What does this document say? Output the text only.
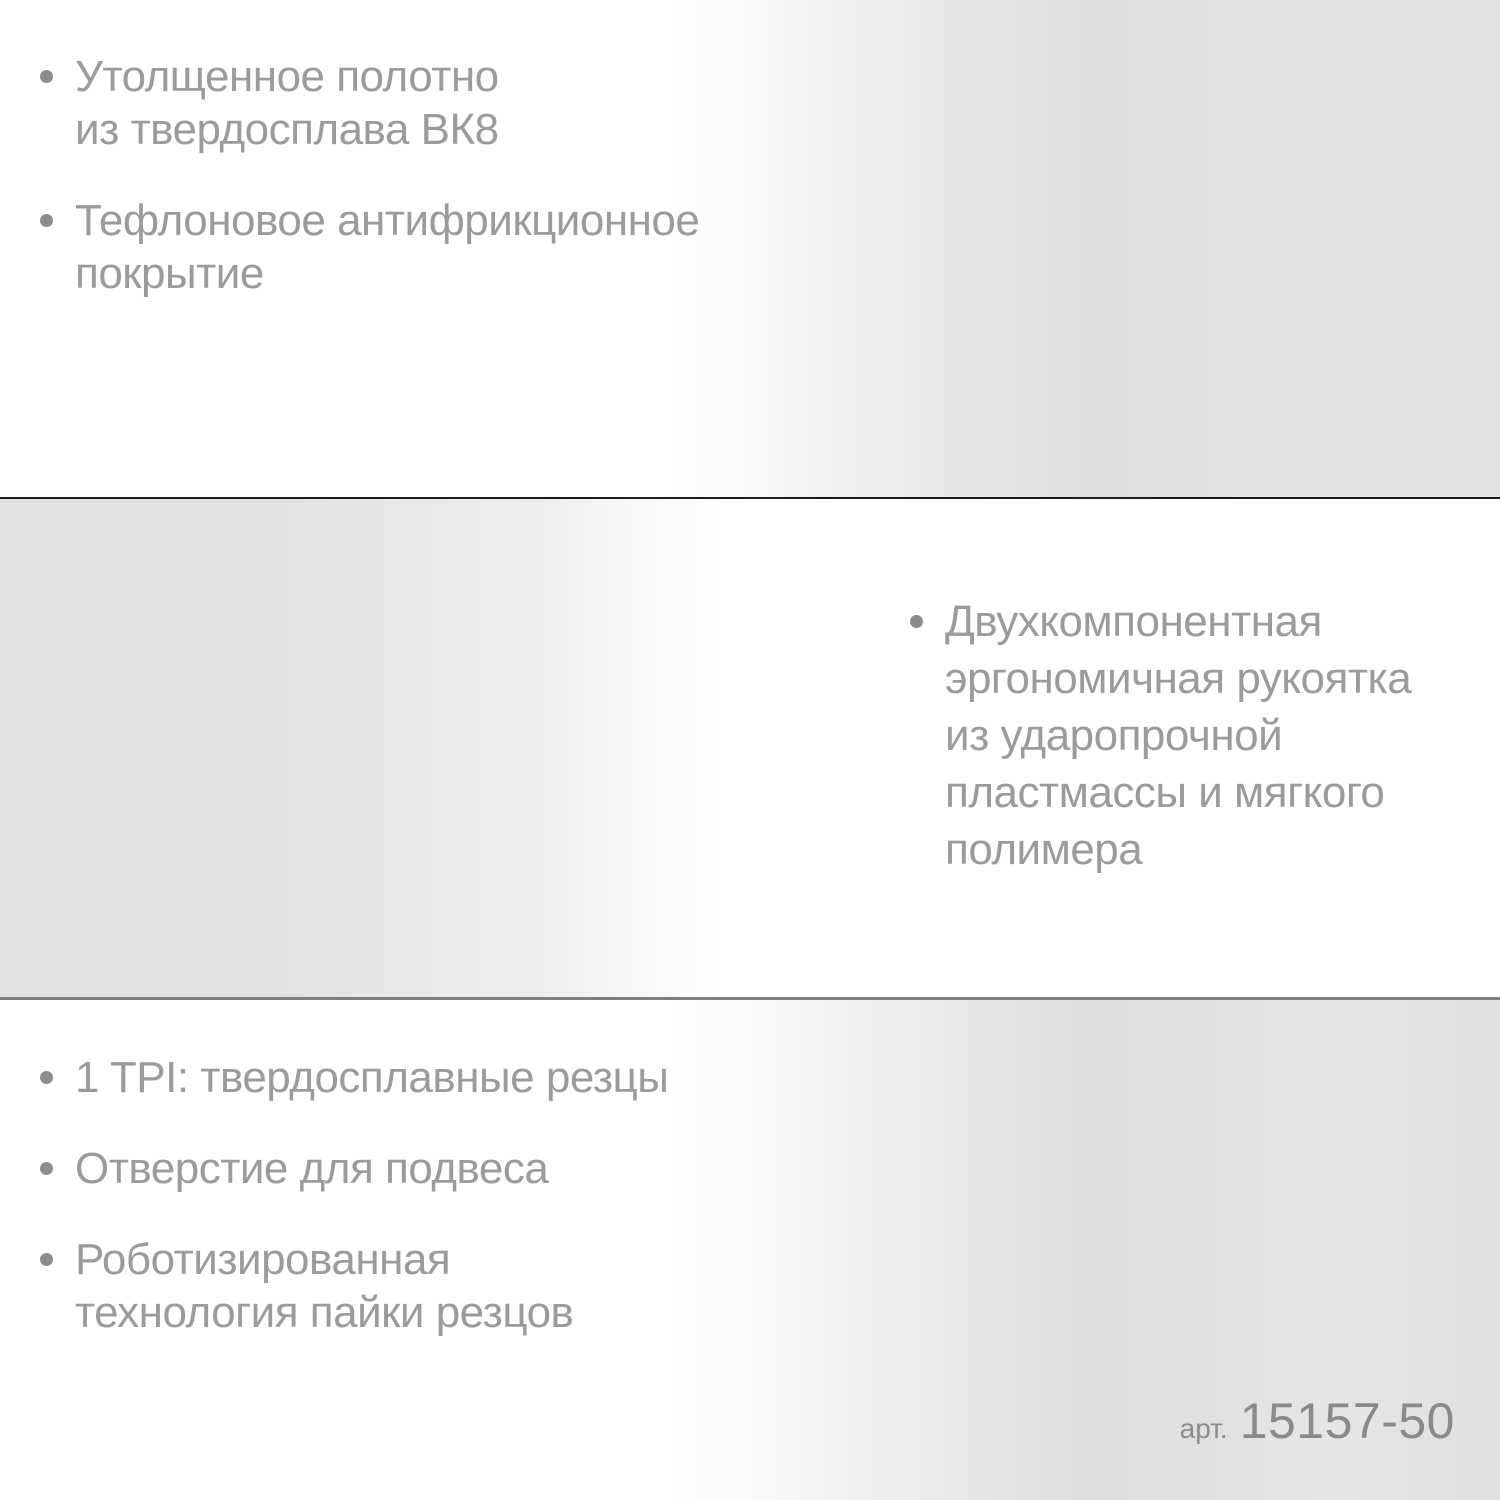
Утолщенное полотно
из твердосплава ВК8
Тефлоновое антифрикционное
покрытие
Двухкомпонентная
эргономичная рукоятка
из ударопрочной
пластмассы и мягкого
полимера
1 TPI: твердосплавные резцы
Отверстие для подвеса
Роботизированная
технология пайки резцов
арт. 15157-50
